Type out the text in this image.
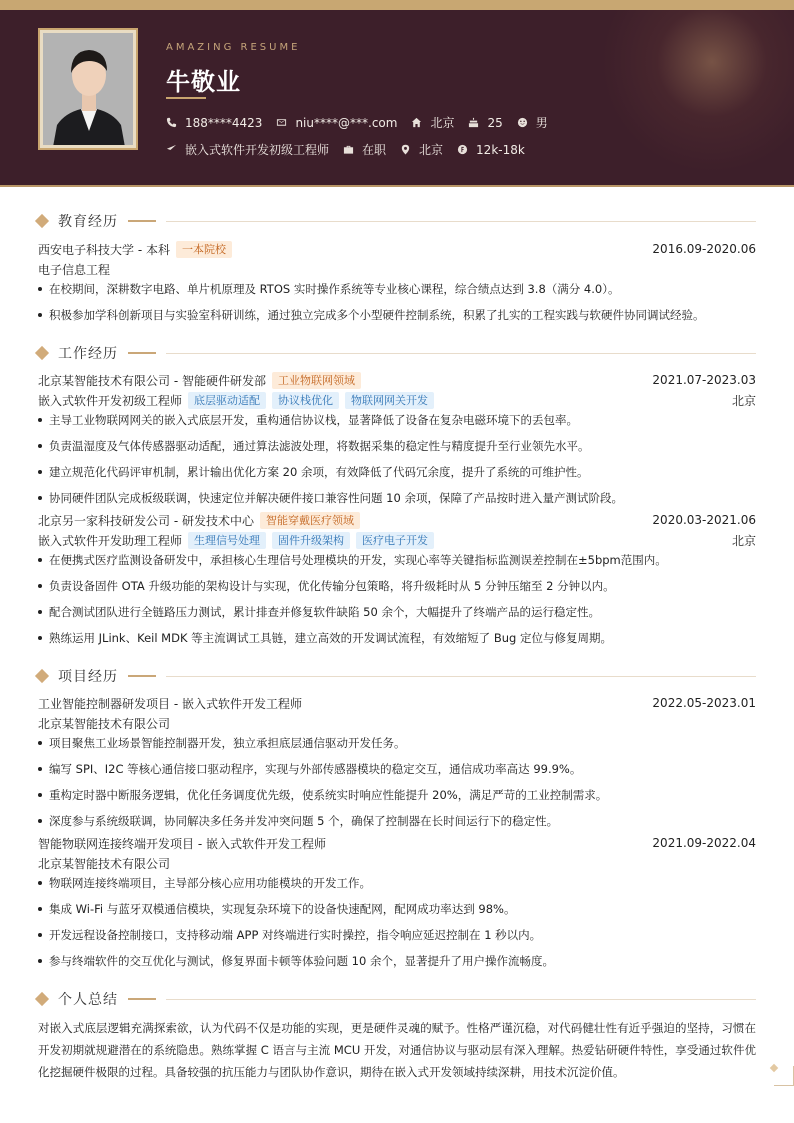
AMAZING RESUME
牛敬业
188****4423	niu****@***.com	北京	25	男
嵌入式软件开发初级工程师	在职	北京	12k-18k
教育经历
西安电子科技大学 - 本科	一本院校	2016.09-2020.06
电子信息工程
在校期间，深耕数字电路、单片机原理及 RTOS 实时操作系统等专业核心课程，综合绩点达到 3.8（满分 4.0）。
积极参加学科创新项目与实验室科研训练，通过独立完成多个小型硬件控制系统，积累了扎实的工程实践与软硬件协同调试经验。
工作经历
北京某智能技术有限公司 - 智能硬件研发部	工业物联网领域	2021.07-2023.03
嵌入式软件开发初级工程师	底层驱动适配	协议栈优化	物联网网关开发	北京
主导工业物联网网关的嵌入式底层开发，重构通信协议栈，显著降低了设备在复杂电磁环境下的丢包率。
负责温湿度及气体传感器驱动适配，通过算法滤波处理，将数据采集的稳定性与精度提升至行业领先水平。
建立规范化代码评审机制，累计输出优化方案 20 余项，有效降低了代码冗余度，提升了系统的可维护性。
协同硬件团队完成板级联调，快速定位并解决硬件接口兼容性问题 10 余项，保障了产品按时进入量产测试阶段。
北京另一家科技研发公司 - 研发技术中心	智能穿戴医疗领域	2020.03-2021.06
嵌入式软件开发助理工程师	生理信号处理	固件升级架构	医疗电子开发	北京
在便携式医疗监测设备研发中，承担核心生理信号处理模块的开发，实现心率等关键指标监测误差控制在±5bpm范围内。
负责设备固件 OTA 升级功能的架构设计与实现，优化传输分包策略，将升级耗时从 5 分钟压缩至 2 分钟以内。
配合测试团队进行全链路压力测试，累计排查并修复软件缺陷 50 余个，大幅提升了终端产品的运行稳定性。
熟练运用 JLink、Keil MDK 等主流调试工具链，建立高效的开发调试流程，有效缩短了 Bug 定位与修复周期。
项目经历
工业智能控制器研发项目 - 嵌入式软件开发工程师	2022.05-2023.01
北京某智能技术有限公司
项目聚焦工业场景智能控制器开发，独立承担底层通信驱动开发任务。
编写 SPI、I2C 等核心通信接口驱动程序，实现与外部传感器模块的稳定交互，通信成功率高达 99.9%。
重构定时器中断服务逻辑，优化任务调度优先级，使系统实时响应性能提升 20%，满足严苛的工业控制需求。
深度参与系统级联调，协同解决多任务并发冲突问题 5 个，确保了控制器在长时间运行下的稳定性。
智能物联网连接终端开发项目 - 嵌入式软件开发工程师	2021.09-2022.04
北京某智能技术有限公司
物联网连接终端项目，主导部分核心应用功能模块的开发工作。
集成 Wi-Fi 与蓝牙双模通信模块，实现复杂环境下的设备快速配网，配网成功率达到 98%。
开发远程设备控制接口，支持移动端 APP 对终端进行实时操控，指令响应延迟控制在 1 秒以内。
参与终端软件的交互优化与测试，修复界面卡顿等体验问题 10 余个，显著提升了用户操作流畅度。
个人总结
对嵌入式底层逻辑充满探索欲，认为代码不仅是功能的实现，更是硬件灵魂的赋予。性格严谨沉稳，对代码健壮性有近乎强迫的坚持，习惯在开发初期就规避潜在的系统隐患。熟练掌握 C 语言与主流 MCU 开发，对通信协议与驱动层有深入理解。热爱钻研硬件特性，享受通过软件优化挖掘硬件极限的过程。具备较强的抗压能力与团队协作意识，期待在嵌入式开发领域持续深耕，用技术沉淀价值。
